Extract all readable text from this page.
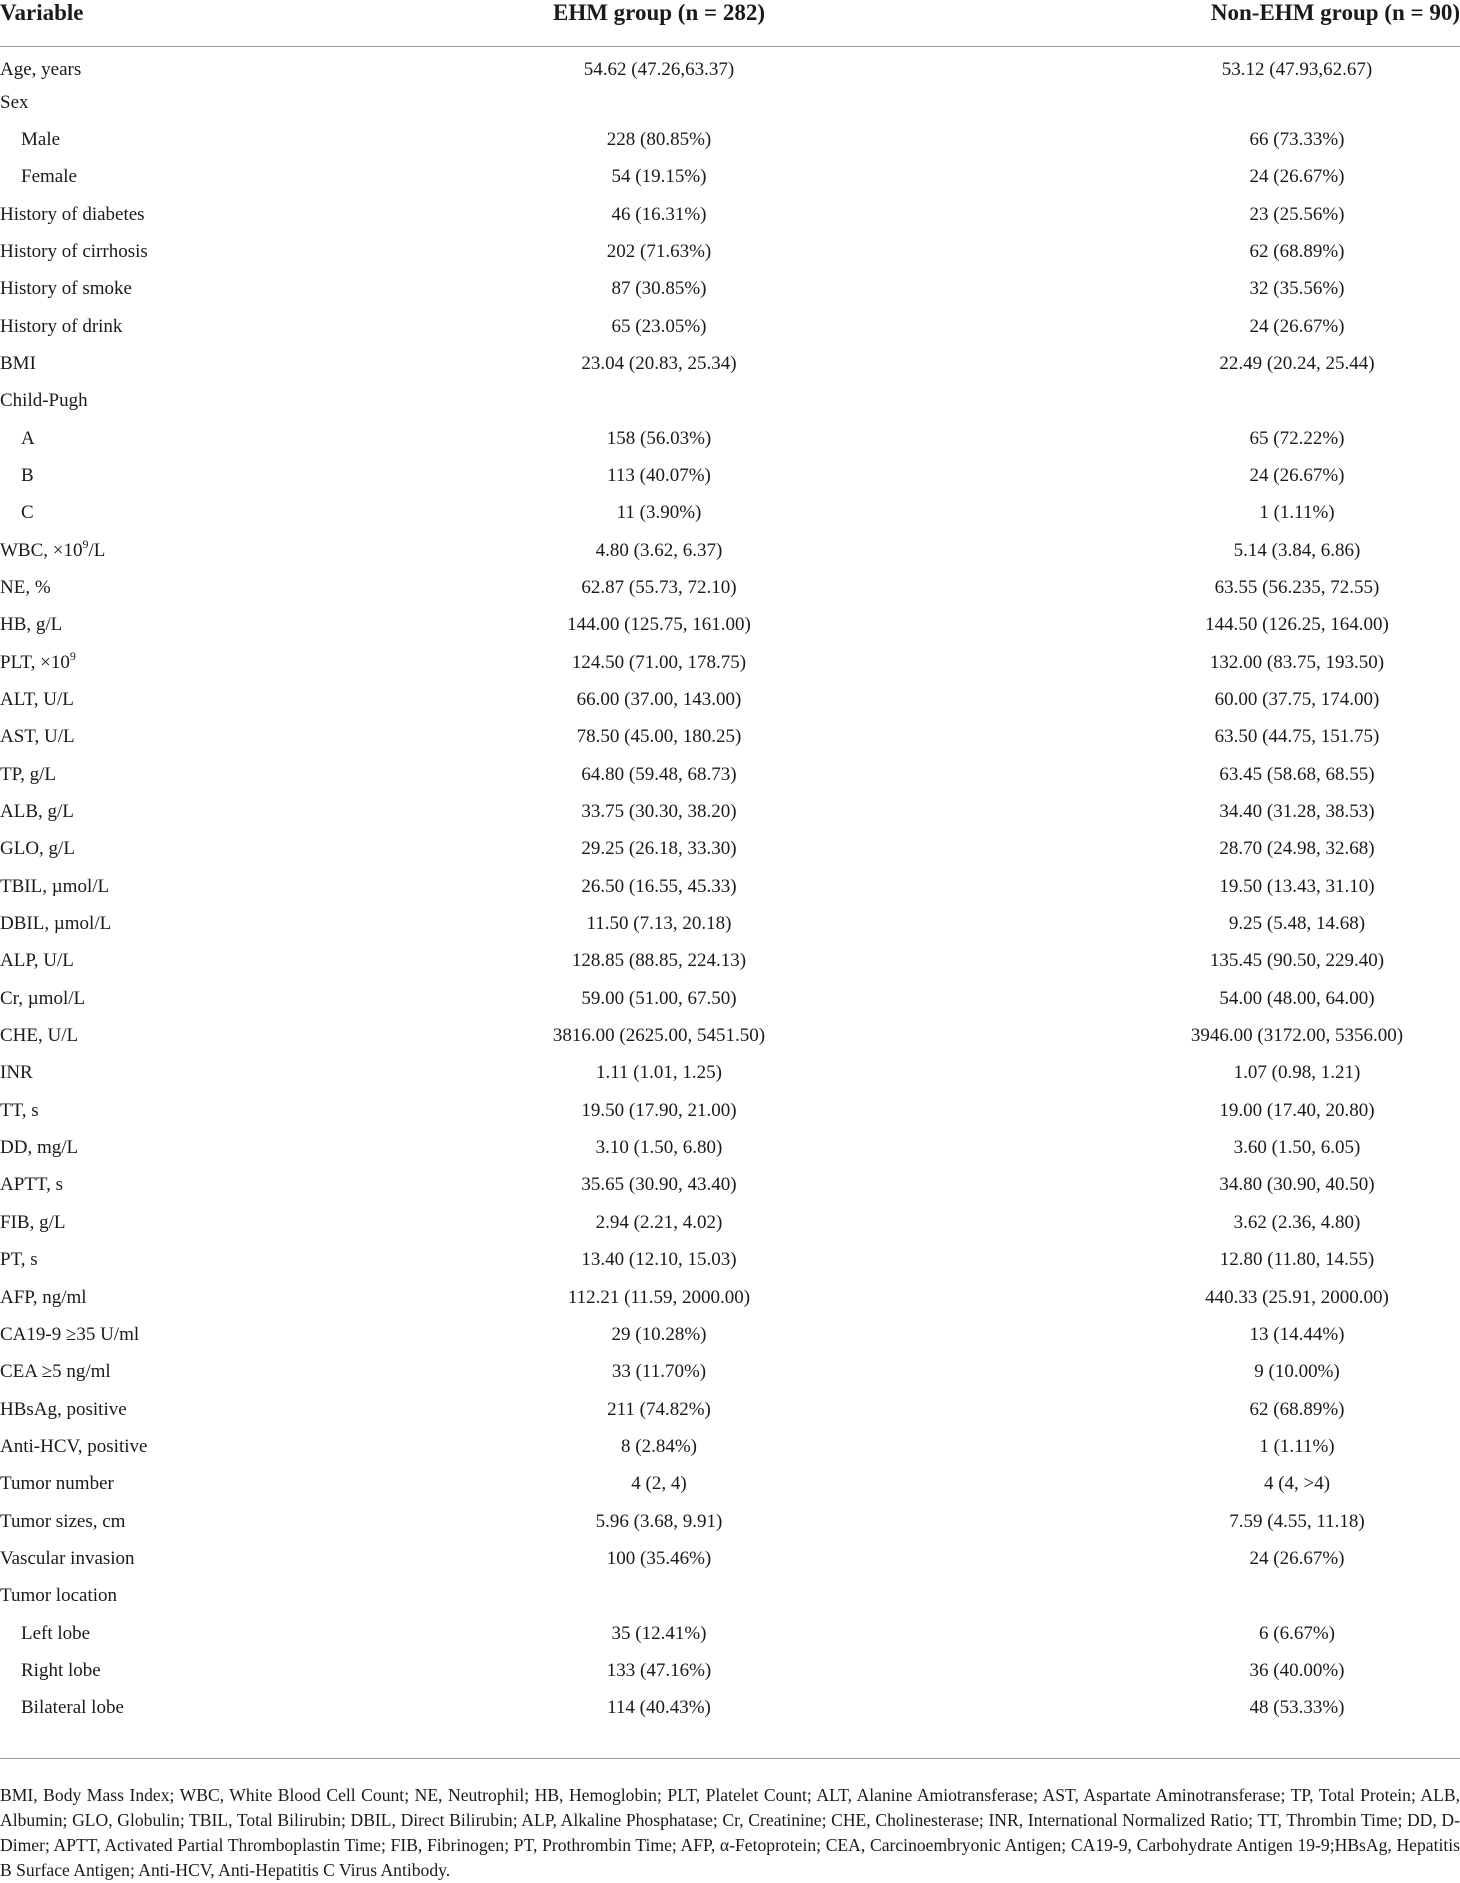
Variable	EHM group (n = 282)	Non-EHM group (n = 90)
Age, years	54.62 (47.26,63.37)	53.12 (47.93,62.67)
Sex		
Male	228 (80.85%)	66 (73.33%)
Female	54 (19.15%)	24 (26.67%)
History of diabetes	46 (16.31%)	23 (25.56%)
History of cirrhosis	202 (71.63%)	62 (68.89%)
History of smoke	87 (30.85%)	32 (35.56%)
History of drink	65 (23.05%)	24 (26.67%)
BMI	23.04 (20.83, 25.34)	22.49 (20.24, 25.44)
Child-Pugh		
A	158 (56.03%)	65 (72.22%)
B	113 (40.07%)	24 (26.67%)
C	11 (3.90%)	1 (1.11%)
WBC, $\times 10^9/L$	4.80 (3.62, 6.37)	5.14 (3.84, 6.86)
NE, %	62.87 (55.73, 72.10)	63.55 (56.235, 72.55)
HB, g/L	144.00 (125.75, 161.00)	144.50 (126.25, 164.00)
PLT, $\times 10^9$	124.50 (71.00, 178.75)	132.00 (83.75, 193.50)
ALT, U/L	66.00 (37.00, 143.00)	60.00 (37.75, 174.00)
AST, U/L	78.50 (45.00, 180.25)	63.50 (44.75, 151.75)
TP, g/L	64.80 (59.48, 68.73)	63.45 (58.68, 68.55)
ALB, g/L	33.75 (30.30, 38.20)	34.40 (31.28, 38.53)
GLO, g/L	29.25 (26.18, 33.30)	28.70 (24.98, 32.68)
TBIL, µmol/L	26.50 (16.55, 45.33)	19.50 (13.43, 31.10)
DBIL, µmol/L	11.50 (7.13, 20.18)	9.25 (5.48, 14.68)
ALP, U/L	128.85 (88.85, 224.13)	135.45 (90.50, 229.40)
Cr, µmol/L	59.00 (51.00, 67.50)	54.00 (48.00, 64.00)
CHE, U/L	3816.00 (2625.00, 5451.50)	3946.00 (3172.00, 5356.00)
INR	1.11 (1.01, 1.25)	1.07 (0.98, 1.21)
TT, s	19.50 (17.90, 21.00)	19.00 (17.40, 20.80)
DD, mg/L	3.10 (1.50, 6.80)	3.60 (1.50, 6.05)
APTT, s	35.65 (30.90, 43.40)	34.80 (30.90, 40.50)
FIB, g/L	2.94 (2.21, 4.02)	3.62 (2.36, 4.80)
PT, s	13.40 (12.10, 15.03)	12.80 (11.80, 14.55)
AFP, ng/ml	112.21 (11.59, 2000.00)	440.33 (25.91, 2000.00)
CA19-9 ≥35 U/ml	29 (10.28%)	13 (14.44%)
CEA ≥5 ng/ml	33 (11.70%)	9 (10.00%)
HBsAg, positive	211 (74.82%)	62 (68.89%)
Anti-HCV, positive	8 (2.84%)	1 (1.11%)
Tumor number	4 (2, 4)	4 (4, >4)
Tumor sizes, cm	5.96 (3.68, 9.91)	7.59 (4.55, 11.18)
Vascular invasion	100 (35.46%)	24 (26.67%)
Tumor location		
Left lobe	35 (12.41%)	6 (6.67%)
Right lobe	133 (47.16%)	36 (40.00%)
Bilateral lobe	114 (40.43%)	48 (53.33%)

BMI, Body Mass Index; WBC, White Blood Cell Count; NE, Neutrophil; HB, Hemoglobin; PLT, Platelet Count; ALT, Alanine Amiotransferase; AST, Aspartate Aminotransferase; TP, Total Protein; ALB, Albumin; GLO, Globulin; TBIL, Total Bilirubin; DBIL, Direct Bilirubin; ALP, Alkaline Phosphatase; Cr, Creatinine; CHE, Cholinesterase; INR, International Normalized Ratio; TT, Thrombin Time; DD, D-Dimer; APTT, Activated Partial Thromboplastin Time; FIB, Fibrinogen; PT, Prothrombin Time; AFP, α-Fetoprotein; CEA, Carcinoembryonic Antigen; CA19-9, Carbohydrate Antigen 19-9;HBsAg, Hepatitis B Surface Antigen; Anti-HCV, Anti-Hepatitis C Virus Antibody.
